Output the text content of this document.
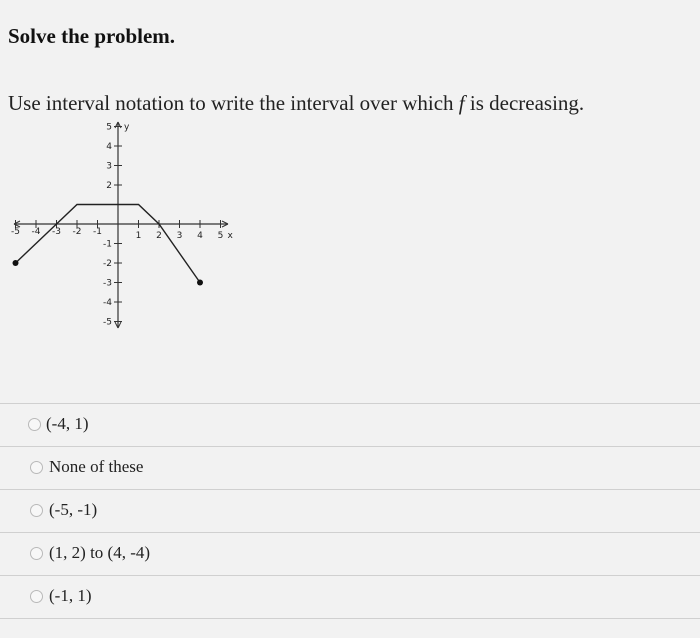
Solve the problem.
Use interval notation to write the interval over which f is decreasing.
-5 -4 -3 -2 -1	1 2 3 4 5 x
5
4
3
2
-1
-2
-3
-4
-5
y
(-4, 1)
None of these
(-5, -1)
(1, 2) to (4, -4)
(-1, 1)
